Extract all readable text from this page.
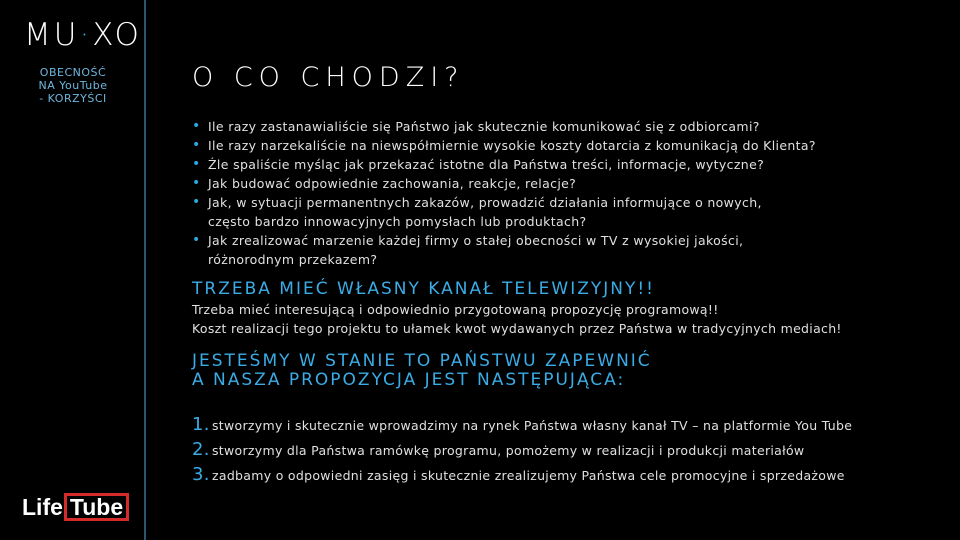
MU·XO
OBECNOŚĆ
NA YouTube
- KORZYŚCI
Life Tube
O CO CHODZI?
• Ile razy zastanawialiście się Państwo jak skutecznie komunikować się z odbiorcami?
• Ile razy narzekaliście na niewspółmiernie wysokie koszty dotarcia z komunikacją do Klienta?
• Źle spaliście myśląc jak przekazać istotne dla Państwa treści, informacje, wytyczne?
• Jak budować odpowiednie zachowania, reakcje, relacje?
• Jak, w sytuacji permanentnych zakazów, prowadzić działania informujące o nowych,
często bardzo innowacyjnych pomysłach lub produktach?
• Jak zrealizować marzenie każdej firmy o stałej obecności w TV z wysokiej jakości,
różnorodnym przekazem?
TRZEBA MIEĆ WŁASNY KANAŁ TELEWIZYJNY!!
Trzeba mieć interesującą i odpowiednio przygotowaną propozycję programową!!
Koszt realizacji tego projektu to ułamek kwot wydawanych przez Państwa w tradycyjnych mediach!
JESTEŚMY W STANIE TO PAŃSTWU ZAPEWNIĆ
A NASZA PROPOZYCJA JEST NASTĘPUJĄCA:
1. stworzymy i skutecznie wprowadzimy na rynek Państwa własny kanał TV – na platformie You Tube
2. stworzymy dla Państwa ramówkę programu, pomożemy w realizacji i produkcji materiałów
3. zadbamy o odpowiedni zasięg i skutecznie zrealizujemy Państwa cele promocyjne i sprzedażowe
